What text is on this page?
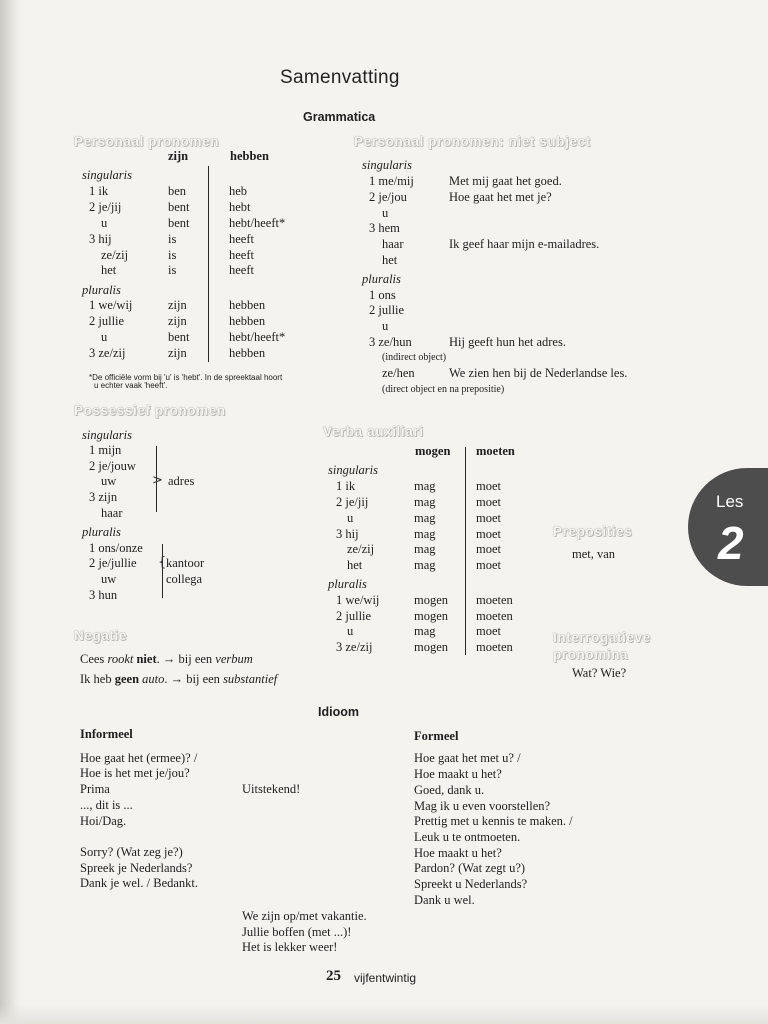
Samenvatting
Grammatica
Personaal pronomen
zijn	hebben
singularis
1 ik	ben	heb
2 je/jij	bent	hebt
u	bent	hebt/heeft*
3 hij	is	heeft
ze/zij	is	heeft
het	is	heeft
pluralis
1 we/wij	zijn	hebben
2 jullie	zijn	hebben
u	bent	hebt/heeft*
3 ze/zij	zijn	hebben
*De officiële vorm bij 'u' is 'hebt'. In de spreektaal hoort
u echter vaak 'heeft'.
Personaal pronomen: niet subject
singularis
1 me/mij	Met mij gaat het goed.
2 je/jou	Hoe gaat het met je?
u
3 hem
haar	Ik geef haar mijn e-mailadres.
het
pluralis
1 ons
2 jullie
u
3 ze/hun	Hij geeft hun het adres.
(indirect object)
ze/hen	We zien hen bij de Nederlandse les.
(direct object en na prepositie)
Possessief pronomen
singularis
1 mijn
2 je/jouw
uw
3 zijn
haar
> adres
pluralis
1 ons/onze
2 je/jullie
uw
3 hun
{ kantoor
collega
Verba auxiliari
mogen moeten
singularis
1 ik	mag	moet
2 je/jij	mag	moet
u	mag	moet
3 hij	mag	moet
ze/zij	mag	moet
het	mag	moet
pluralis
1 we/wij	mogen moeten
2 jullie	mogen moeten
u	mag	moet
3 ze/zij	mogen moeten
Preposities
met, van
Interrogatieve
pronomina
Wat? Wie?
Negatie
Cees rookt niet. → bij een verbum
Ik heb geen auto. → bij een substantief
Idioom
Informeel	Formeel
Hoe gaat het (ermee)? /
Hoe is het met je/jou?
Prima
..., dit is ...
Hoi/Dag.
Sorry? (Wat zeg je?)
Spreek je Nederlands?
Dank je wel. / Bedankt.
Uitstekend!
Hoe gaat het met u? /
Hoe maakt u het?
Goed, dank u.
Mag ik u even voorstellen?
Prettig met u kennis te maken. /
Leuk u te ontmoeten.
Hoe maakt u het?
Pardon? (Wat zegt u?)
Spreekt u Nederlands?
Dank u wel.
We zijn op/met vakantie.
Jullie boffen (met ...)!
Het is lekker weer!
Les
2
25 vijfentwintig
